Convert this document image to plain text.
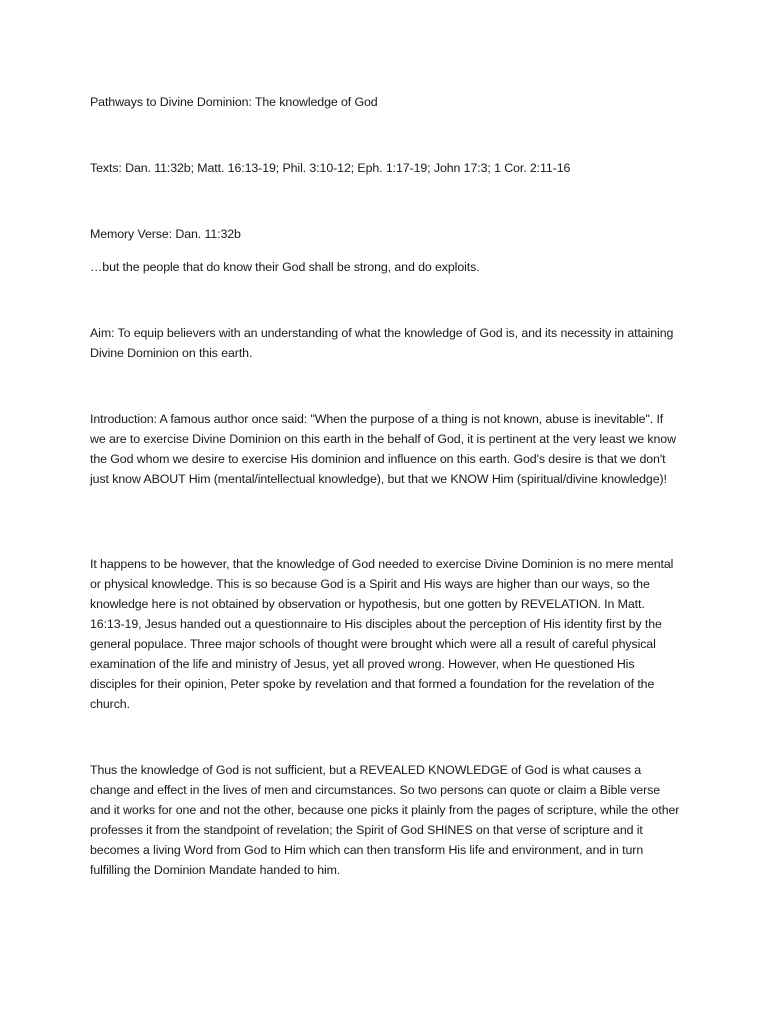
Pathways to Divine Dominion: The knowledge of God

Texts: Dan. 11:32b; Matt. 16:13-19; Phil. 3:10-12; Eph. 1:17-19; John 17:3; 1 Cor. 2:11-16

Memory Verse: Dan. 11:32b

…but the people that do know their God shall be strong, and do exploits.

Aim: To equip believers with an understanding of what the knowledge of God is, and its necessity in attaining Divine Dominion on this earth.

Introduction: A famous author once said: "When the purpose of a thing is not known, abuse is inevitable". If we are to exercise Divine Dominion on this earth in the behalf of God, it is pertinent at the very least we know the God whom we desire to exercise His dominion and influence on this earth. God's desire is that we don't just know ABOUT Him (mental/intellectual knowledge), but that we KNOW Him (spiritual/divine knowledge)!

It happens to be however, that the knowledge of God needed to exercise Divine Dominion is no mere mental or physical knowledge. This is so because God is a Spirit and His ways are higher than our ways, so the knowledge here is not obtained by observation or hypothesis, but one gotten by REVELATION. In Matt. 16:13-19, Jesus handed out a questionnaire to His disciples about the perception of His identity first by the general populace. Three major schools of thought were brought which were all a result of careful physical examination of the life and ministry of Jesus, yet all proved wrong. However, when He questioned His disciples for their opinion, Peter spoke by revelation and that formed a foundation for the revelation of the church.

Thus the knowledge of God is not sufficient, but a REVEALED KNOWLEDGE of God is what causes a change and effect in the lives of men and circumstances. So two persons can quote or claim a Bible verse and it works for one and not the other, because one picks it plainly from the pages of scripture, while the other professes it from the standpoint of revelation; the Spirit of God SHINES on that verse of scripture and it becomes a living Word from God to Him which can then transform His life and environment, and in turn fulfilling the Dominion Mandate handed to him.
